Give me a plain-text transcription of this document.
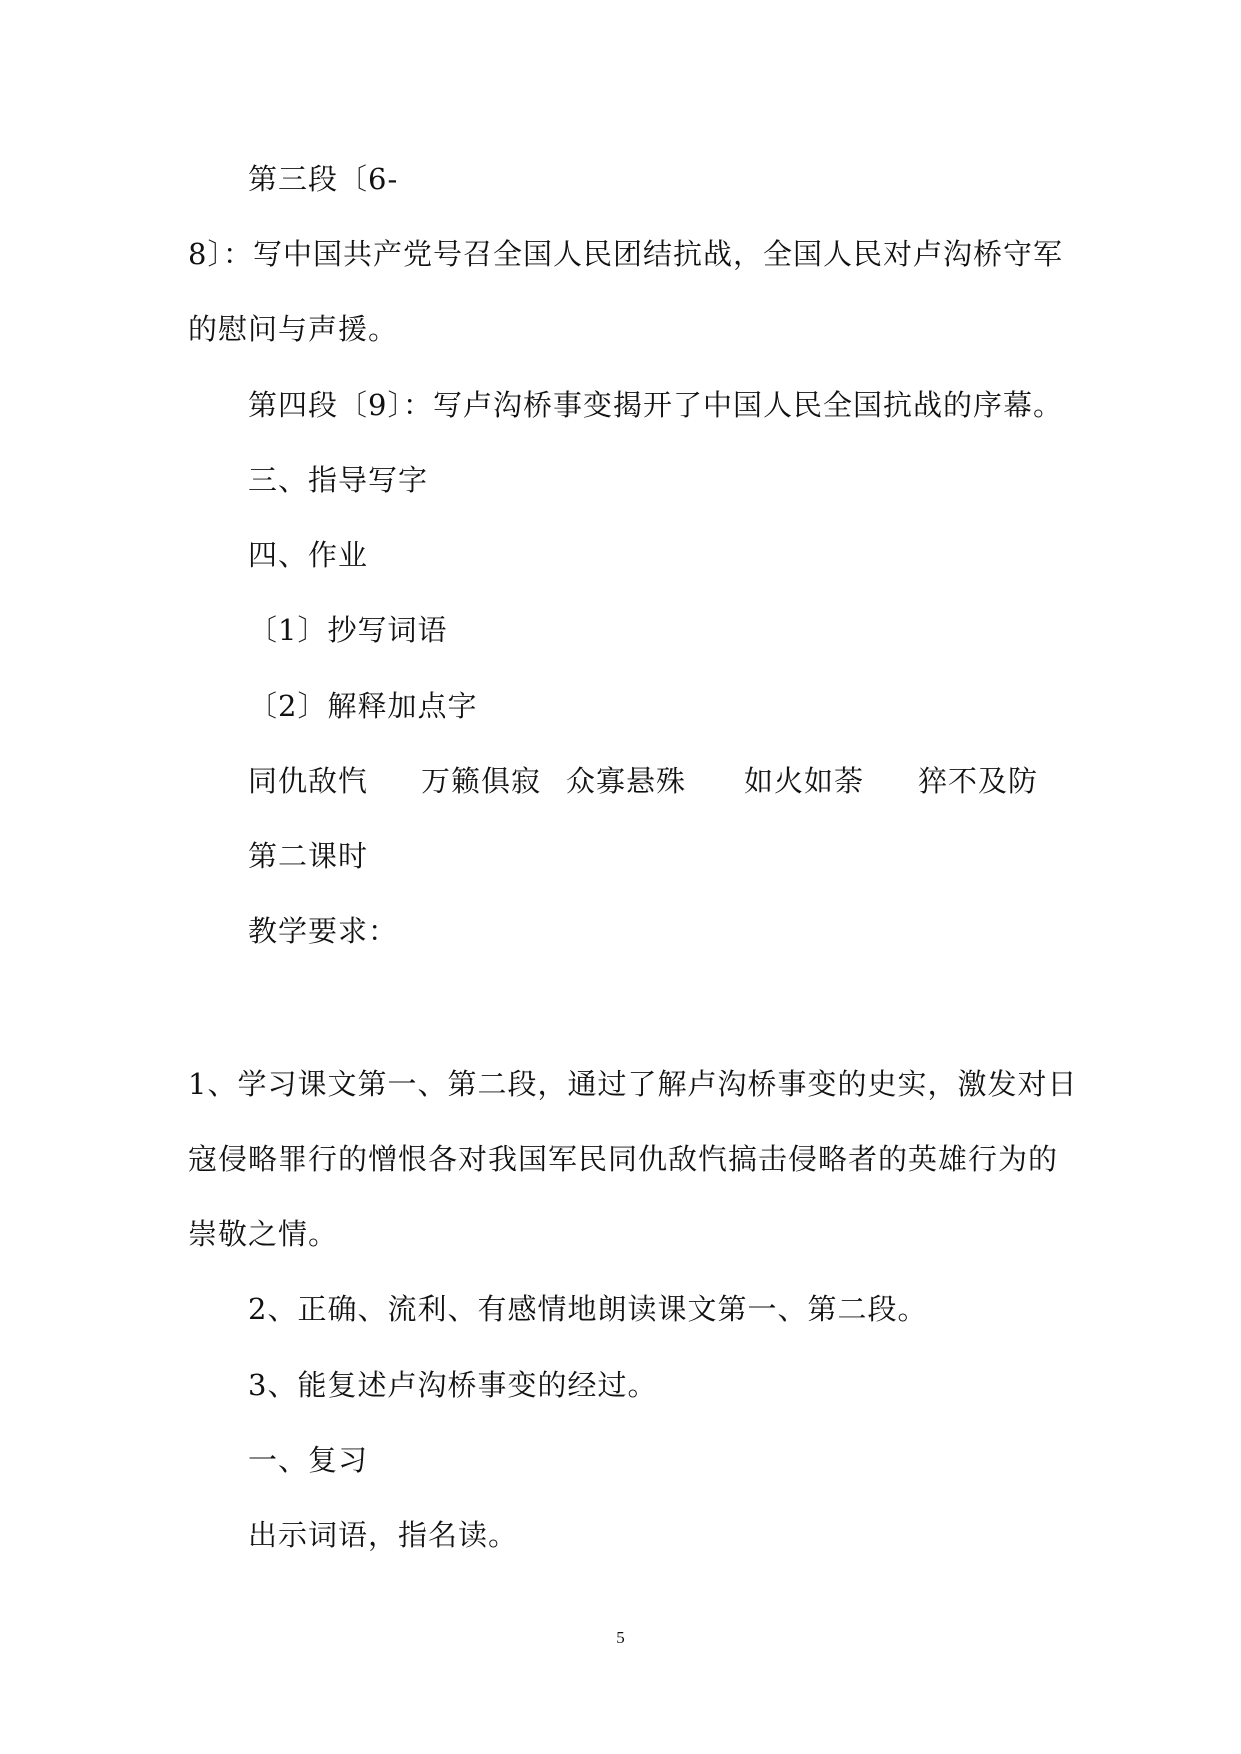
第三段〔6-
8〕：写中国共产党号召全国人民团结抗战，全国人民对卢沟桥守军
的慰问与声援。
第四段〔9〕：写卢沟桥事变揭开了中国人民全国抗战的序幕。
三、指导写字
四、作业
〔1〕抄写词语
〔2〕解释加点字
同仇敌忾 万籁俱寂 众寡悬殊 如火如荼 猝不及防
第二课时
教学要求：
1、学习课文第一、第二段，通过了解卢沟桥事变的史实，激发对日
寇侵略罪行的憎恨各对我国军民同仇敌忾搞击侵略者的英雄行为的
崇敬之情。
2、正确、流利、有感情地朗读课文第一、第二段。
3、能复述卢沟桥事变的经过。
一、复习
出示词语，指名读。
5
